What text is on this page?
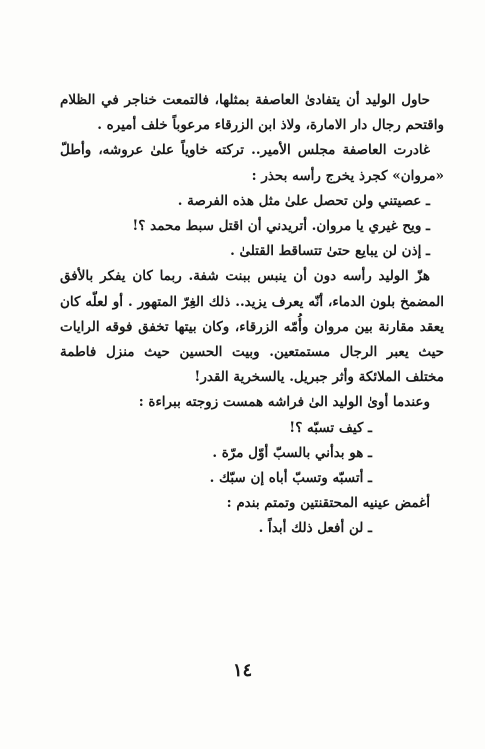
حاول الوليد أن يتفادىٰ العاصفة بمثلها، فالتمعت خناجر في الظلام واقتحم رجال دار الامارة، ولاذ ابن الزرقاء مرعوباً خلف أميره .

غادرت العاصفة مجلس الأمير.. تركته خاوياً علىٰ عروشه، وأطلّ «مروان» كجرذ يخرج رأسه بحذر :

ـ عصيتني ولن تحصل علىٰ مثل هذه الفرصة .

ـ ويح غيري يا مروان. أتريدني أن اقتل سبط محمد ؟!

ـ إذن لن يبايع حتىٰ تتساقط القتلىٰ .

هزّ الوليد رأسه دون أن ينبس ببنت شفة. ربما كان يفكر بالأفق المضمخ بلون الدماء، أنّه يعرف يزيد.. ذلك الغِرّ المتهور . أو لعلّه كان يعقد مقارنة بين مروان وأُمّه الزرقاء، وكان بيتها تخفق فوقه الرايات حيث يعبر الرجال مستمتعين. وبيت الحسين حيث منزل فاطمة مختلف الملائكة وأثر جبريل. يالسخرية القدر!

وعندما أوىٰ الوليد الىٰ فراشه همست زوجته ببراءة :

ـ كيف تسبّه ؟!

ـ هو بدأني بالسبّ أوّل مرّة .

ـ أتسبّه وتسبّ أباه إن سبّك .

أغمض عينيه المحتقنتين وتمتم بندم :

ـ لن أفعل ذلك أبداً .

١٤
